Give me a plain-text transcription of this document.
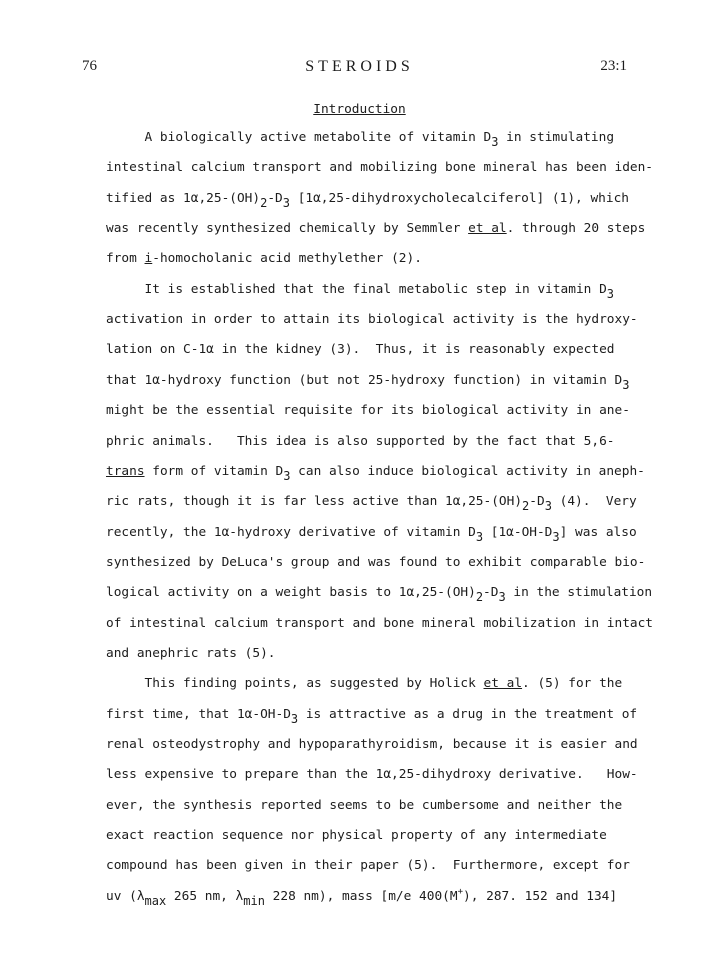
76	STEROIDS	23:1
Introduction
A biologically active metabolite of vitamin D3 in stimulating
intestinal calcium transport and mobilizing bone mineral has been iden-
tified as 1α,25-(OH)2-D3 [1α,25-dihydroxycholecalciferol] (1), which
was recently synthesized chemically by Semmler et al. through 20 steps
from i-homocholanic acid methylether (2).
It is established that the final metabolic step in vitamin D3
activation in order to attain its biological activity is the hydroxy-
lation on C-1α in the kidney (3).  Thus, it is reasonably expected
that 1α-hydroxy function (but not 25-hydroxy function) in vitamin D3
might be the essential requisite for its biological activity in ane-
phric animals.   This idea is also supported by the fact that 5,6-
trans form of vitamin D3 can also induce biological activity in aneph-
ric rats, though it is far less active than 1α,25-(OH)2-D3 (4).  Very
recently, the 1α-hydroxy derivative of vitamin D3 [1α-OH-D3] was also
synthesized by DeLuca's group and was found to exhibit comparable bio-
logical activity on a weight basis to 1α,25-(OH)2-D3 in the stimulation
of intestinal calcium transport and bone mineral mobilization in intact
and anephric rats (5).
This finding points, as suggested by Holick et al. (5) for the
first time, that 1α-OH-D3 is attractive as a drug in the treatment of
renal osteodystrophy and hypoparathyroidism, because it is easier and
less expensive to prepare than the 1α,25-dihydroxy derivative.   How-
ever, the synthesis reported seems to be cumbersome and neither the
exact reaction sequence nor physical property of any intermediate
compound has been given in their paper (5).  Furthermore, except for
uv (λmax 265 nm, λmin 228 nm), mass [m/e 400(M+), 287. 152 and 134]
